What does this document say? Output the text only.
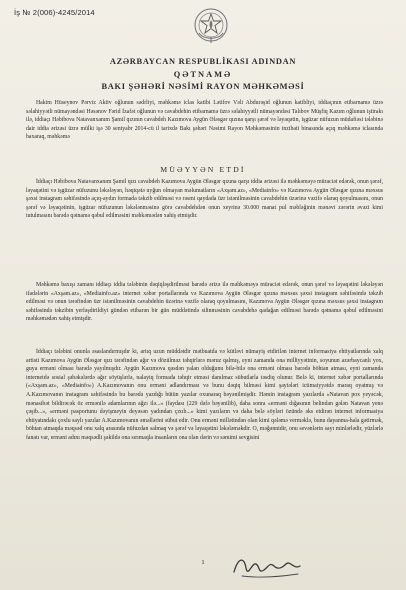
İş № 2(006)-4245/2014
AZƏRBAYCAN RESPUBLİKASI ADINDAN
QƏTNAMƏ
BAKI ŞƏHƏRİ NƏSİMİ RAYON MƏHKƏMƏSİ
Hakim Hüseynov Pərviz Aktiv oğlunun sədrliyi, məhkəmə iclas katibi Lətifov Vəli Abdurəşid oğlunun katibliyi, iddiaçının etibarnamə üzrə səlahiyyətli nümayəndəsi Həsənov Fərid İzafət oğlunun və cavabdehin etibarnamə üzrə səlahiyyətli nümayəndəsi Talıbov Müşfiq Kazım oğlunun iştirakı ilə, iddiaçı Həbibova Natavanxanım Şamil qızının cavabdeh Kazımova Aygün Ələsgər qızına qarşı şərəf və ləyaqətin, işgüzar nüfuzun müdafiəsi tələbinə dair iddia ərizəsi üzrə mülki işə 30 sentyabr 2014-cü il tarixdə Bakı şəhəri Nəsimi Rayon Məhkəməsinin inzibati binasında açıq məhkəmə iclasında baxaraq, məhkəmə
MÜƏYYƏN ETDİ
İddiaçı Həbibova Natavanxanım Şamil qızı cavabdeh Kazımova Aygün Ələsgər qızına qarşı iddia ərizəsi ilə məhkəməyə müraciət edərək, onun şərəf, ləyaqətini və işgüzar nüfuzunu ləkələyən, həqiqətə uyğun olmayan məlumatların «Axşam.az», «Mediainfo» və Kazımova Aygün Ələsgər qızına məxsus şəxsi instagram səhifəsində açıq-aydın formada təkzib edilməsi və rəsmi qaydada üzr istənilməsinin cavabdehin üzərinə vəzifə olaraq qoyulmasını, onun şərəf və ləyaqətinin, işgüzar nüfuzunun ləkələnməsinə görə cavabdehdən onun xeyrinə 30.000 manat pul məbləğinin mənəvi zərərin əvəzi kimi tutulmasını barədə qətnamə qəbul edilməsini məhkəmədən xahiş etmişdir.
Məhkəmə baxışı zamanı iddiaçı iddia tələbinin dəqiqləşdirilməsi barədə ərizə ilə məhkəməyə müraciət edərək, onun şərəf və ləyaqətini ləkələyən ifadələrin «Axşam.az», «Mediainfo.az» internet xəbər portallarında və Kazımova Aygün Ələsgər qızına məxsus şəxsi instagram səhifəsində təkzib edilməsi və onun tərəfindən üzr istənilməsinin cavabdehin üzərinə vəzifə olaraq qoyulmasını, Kazımova Aygün Ələsgər qızına məxsus şəxsi instagram səhifəsində təkzibin yerləşdirildiyi gündən etibarən bir gün müddətində silinməsinin cavabdehə qadağan edilməsi barədə qətnamə qəbul edilməsini məhkəmədən xahiş etmişdir.
İddiaçı tələbini onunla əsaslandırmışdır ki, artıq uzun müddətdir mətbuatda və kütləvi nümayiş etdirilən internet informasiya ehtiyatlarında xalq artisti Kazımova Aygün Ələsgər qızı tərəfindən ağır və dözülməz təhqirlərə məruz qalmış, eyni zamanda ona milliyyətinin, soyunun azərbaycanlı yox, guya erməni olması barədə yayılmışdır. Aygün Kazımova qəsdən yalan olduğunu bilə-bilə ona erməni olması barədə böhtan atması, eyni zamanda internetdə sosial şəbəkələrdə ağır söyüşlərlə, nalayiq formada təhqir etməsi danılmaz sübutlarla təsdiq olunur. Belə ki, internet xəbər portallarında («Axşam.az», «Mediainfo») A.Kazımovanın onu erməni adlandırması və bunu dəqiq bilməsi kimi şayiələri ictimaiyyətdə maraq oyatmış və A.Kazımovanın instagram səhifəsində bu barədə yazdığı bütün yazılar oxunaraq bəyənilmişdir. Həmin instagram yazılarda «Natavan pox yeyəcək, mənasibət bildirəcək öz ermənilə adamlarının ağzı ilə...» (faydası (229 dəfə bəyənilib), daha sonra «erməni dığasının belindən gələn Natavan yenə çəşib...», «erməni pasportunu dəyişmeyin deyəsən yadından çıxıb...» kimi yazıların və daha belə söyləri özündə əks etdirən internet informasiya ehtiyatındakı çoxlu saylı yazılar A.Kazımovanın əməllərini sübut edir. Onu erməni millətindən olan kimi qələmə verməklə, bunu dayanma-hala gətirmək, böhtan atmaqda məqsəd onu xalq arasında nüfuzdan salmaq və şərəf və ləyaqətini ləkələməkdir. O, məğənnidir, onu sevənlərin sayı minlərlədir, yüzlərlə fanatı var, erməni adını məqsədli şəkildə ona sırımaqla insanların ona olan dərin və səmimi sevgisini
1
